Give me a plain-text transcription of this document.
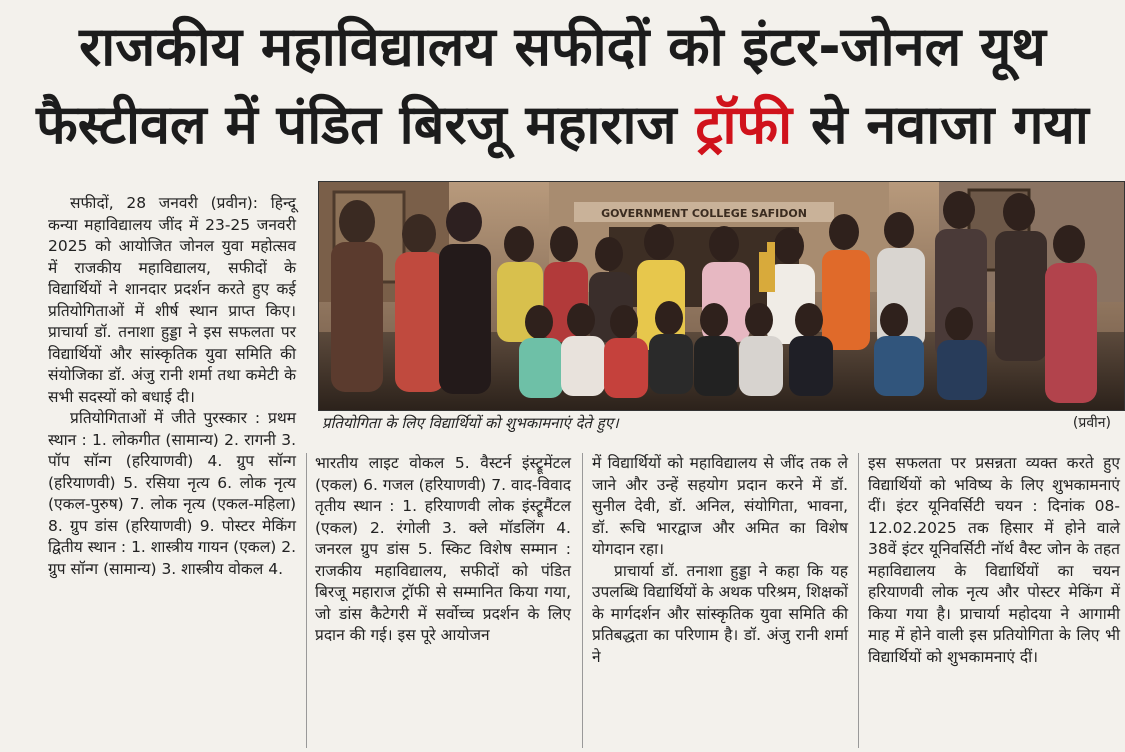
राजकीय महाविद्यालय सफीदों को इंटर-जोनल यूथ
फैस्टीवल में पंडित बिरजू महाराज ट्रॉफी से नवाजा गया

सफीदों, 28 जनवरी (प्रवीन): हिन्दू कन्या महाविद्यालय जींद में 23-25 जनवरी 2025 को आयोजित जोनल युवा महोत्सव में राजकीय महाविद्यालय, सफीदों के विद्यार्थियों ने शानदार प्रदर्शन करते हुए कई प्रतियोगिताओं में शीर्ष स्थान प्राप्त किए। प्राचार्या डॉ. तनाशा हुड्डा ने इस सफलता पर विद्यार्थियों और सांस्कृतिक युवा समिति की संयोजिका डॉ. अंजु रानी शर्मा तथा कमेटी के सभी सदस्यों को बधाई दी।

प्रतियोगिताओं में जीते पुरस्कार : प्रथम स्थान : 1. लोकगीत (सामान्य) 2. रागनी 3. पॉप सॉन्ग (हरियाणवी) 4. ग्रुप सॉन्ग (हरियाणवी) 5. रसिया नृत्य 6. लोक नृत्य (एकल-पुरुष) 7. लोक नृत्य (एकल-महिला) 8. ग्रुप डांस (हरियाणवी) 9. पोस्टर मेकिंग द्वितीय स्थान : 1. शास्त्रीय गायन (एकल) 2. ग्रुप सॉन्ग (सामान्य) 3. शास्त्रीय वोकल 4.

GOVERNMENT COLLEGE SAFIDON
प्रतियोगिता के लिए विद्यार्थियों को शुभकामनाएं देते हुए।	(प्रवीन)

भारतीय लाइट वोकल 5. वैस्टर्न इंस्ट्रूमेंटल (एकल) 6. गजल (हरियाणवी) 7. वाद-विवाद तृतीय स्थान : 1. हरियाणवी लोक इंस्ट्रूमैंटल (एकल) 2. रंगोली 3. क्ले मॉडलिंग 4. जनरल ग्रुप डांस 5. स्किट विशेष सम्मान : राजकीय महाविद्यालय, सफीदों को पंडित बिरजू महाराज ट्रॉफी से सम्मानित किया गया, जो डांस कैटेगरी में सर्वोच्च प्रदर्शन के लिए प्रदान की गई। इस पूरे आयोजन

में विद्यार्थियों को महाविद्यालय से जींद तक ले जाने और उन्हें सहयोग प्रदान करने में डॉ. सुनील देवी, डॉ. अनिल, संयोगिता, भावना, डॉ. रूचि भारद्वाज और अमित का विशेष योगदान रहा।

प्राचार्या डॉ. तनाशा हुड्डा ने कहा कि यह उपलब्धि विद्यार्थियों के अथक परिश्रम, शिक्षकों के मार्गदर्शन और सांस्कृतिक युवा समिति की प्रतिबद्धता का परिणाम है। डॉ. अंजु रानी शर्मा ने

इस सफलता पर प्रसन्नता व्यक्त करते हुए विद्यार्थियों को भविष्य के लिए शुभकामनाएं दीं। इंटर यूनिवर्सिटी चयन : दिनांक 08-12.02.2025 तक हिसार में होने वाले 38वें इंटर यूनिवर्सिटी नॉर्थ वैस्ट जोन के तहत महाविद्यालय के विद्यार्थियों का चयन हरियाणवी लोक नृत्य और पोस्टर मेकिंग में किया गया है। प्राचार्या महोदया ने आगामी माह में होने वाली इस प्रतियोगिता के लिए भी विद्यार्थियों को शुभकामनाएं दीं।
